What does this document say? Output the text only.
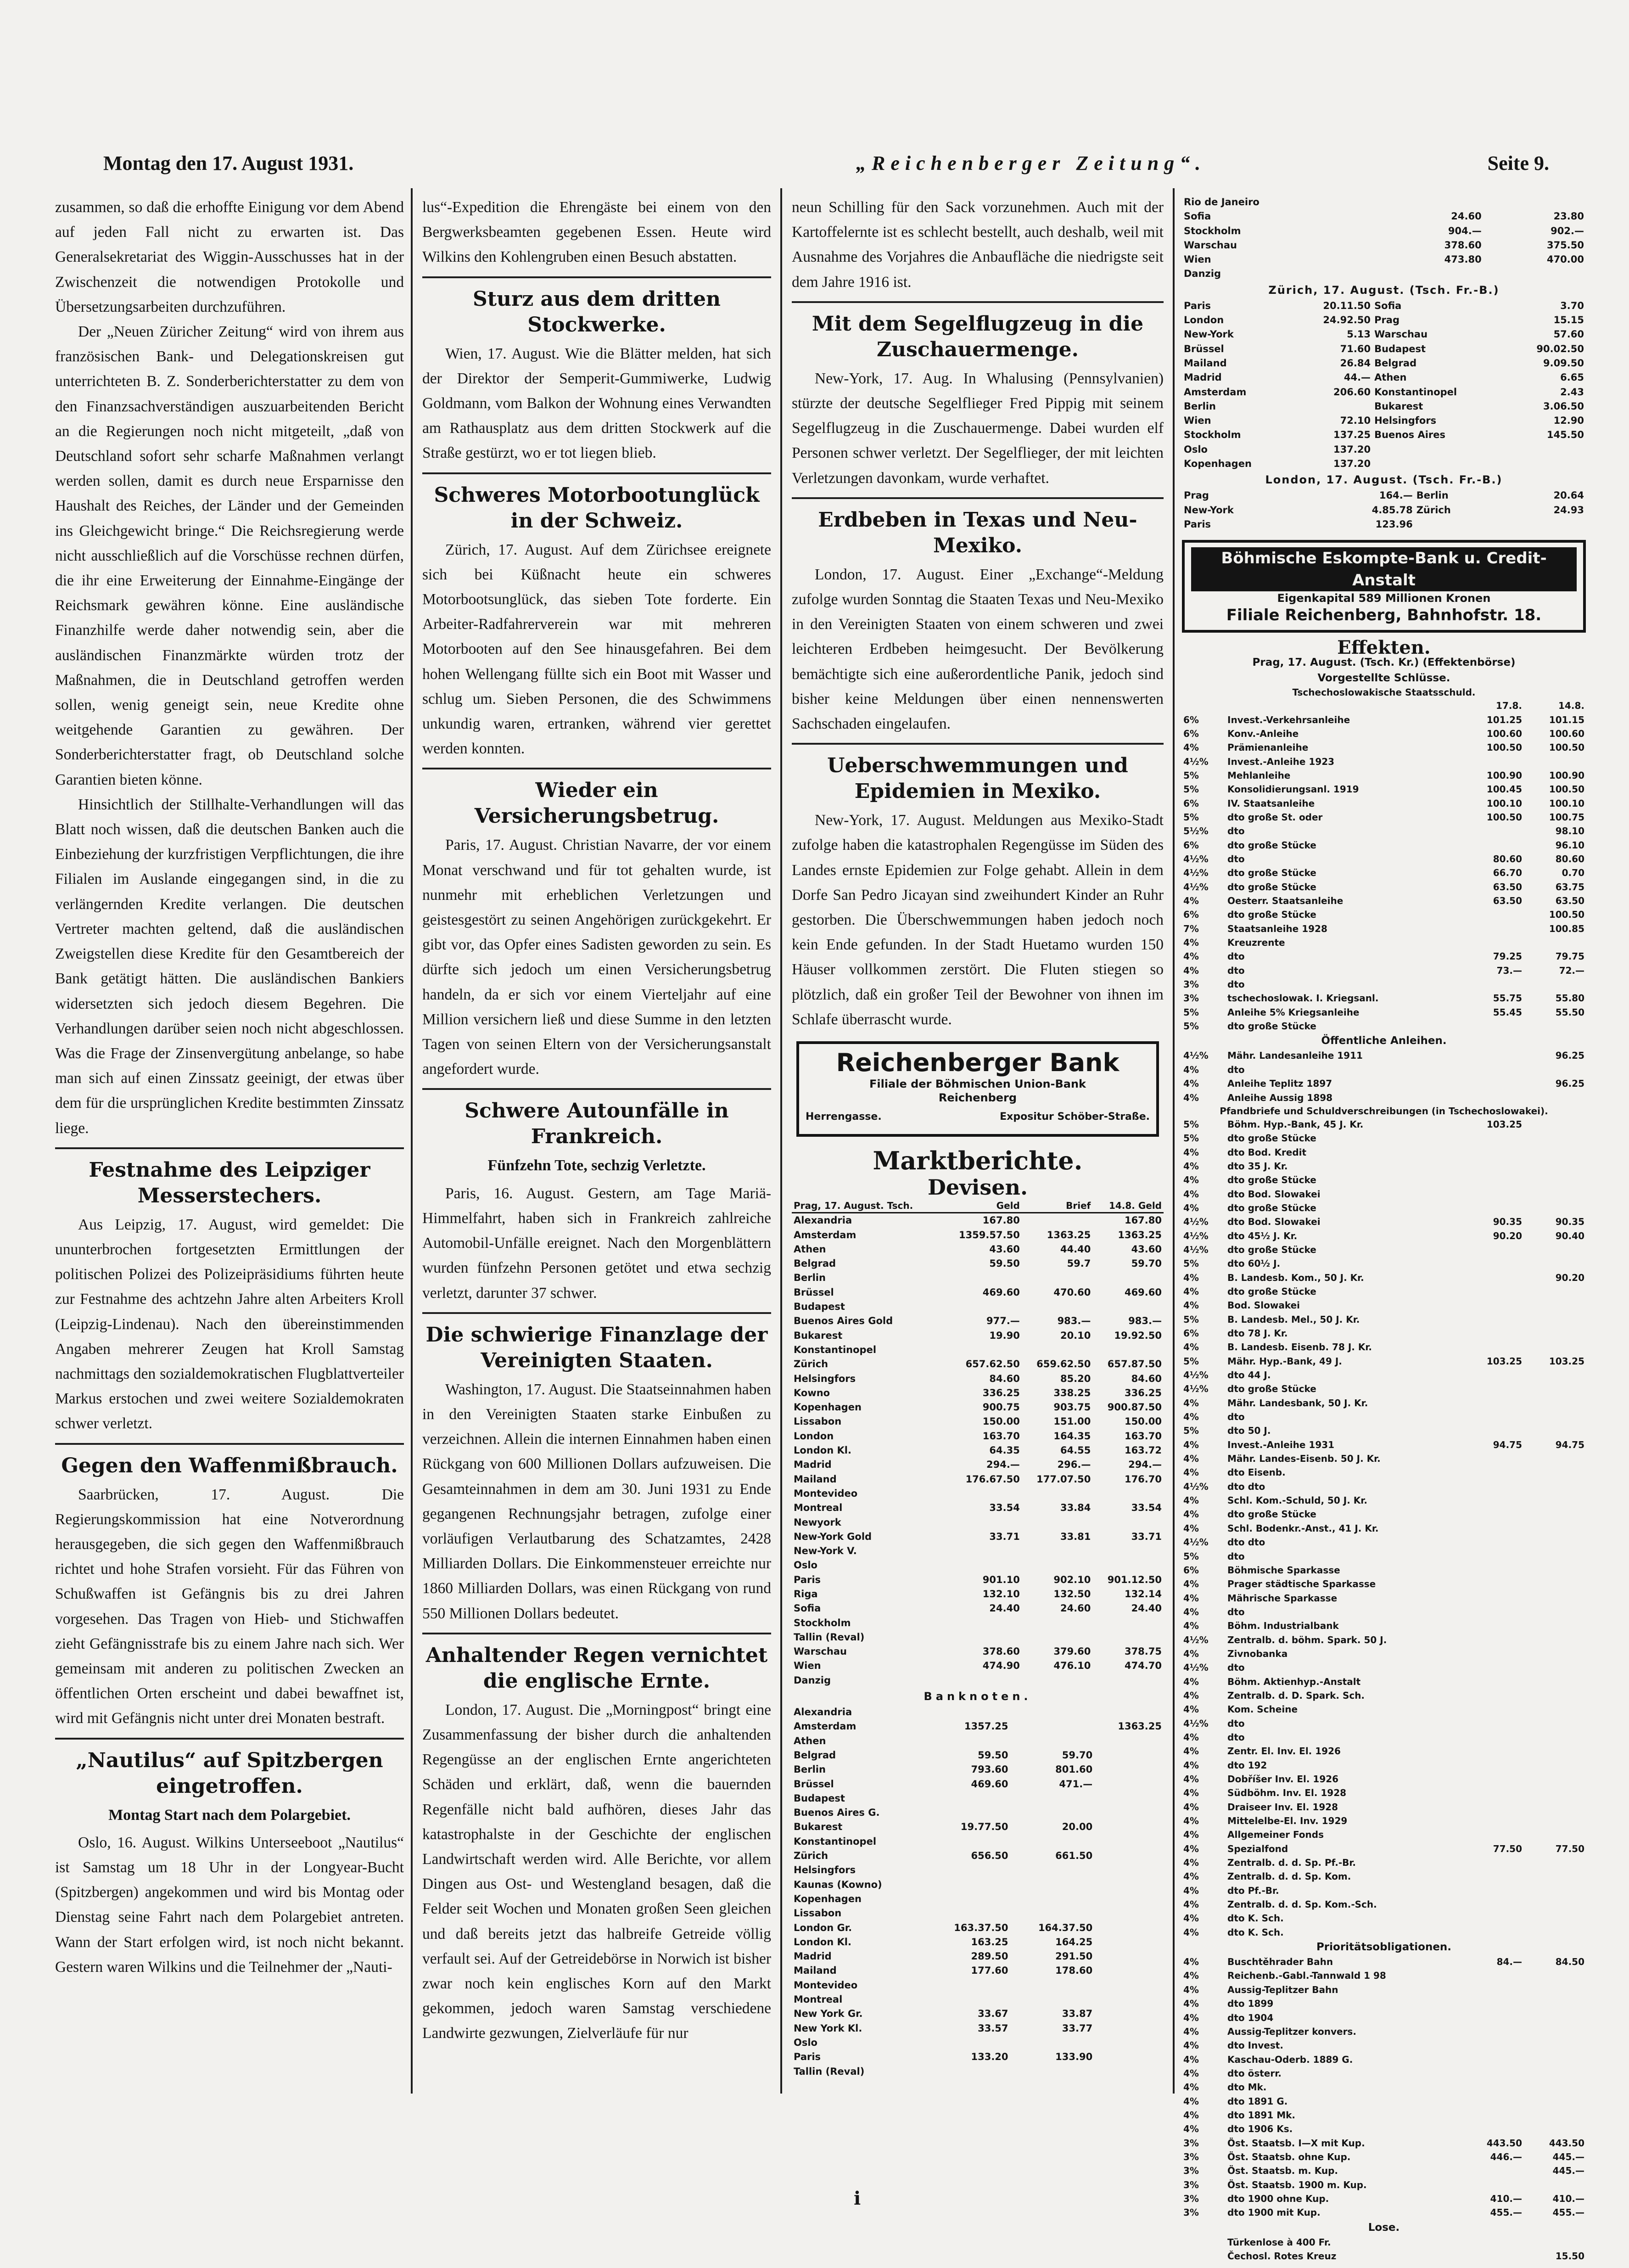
Montag den 17. August 1931.	„Reichenberger Zeitung“.	Seite 9.

zusammen, so daß die erhoffte Einigung vor dem Abend auf jeden Fall nicht zu erwarten ist. Das Generalsekretariat des Wiggin-Ausschusses hat in der Zwischenzeit die notwendigen Protokolle und Übersetzungsarbeiten durchzuführen.

Der „Neuen Züricher Zeitung“ wird von ihrem aus französischen Bank- und Delegationskreisen gut unterrichteten B. Z. Sonderberichterstatter zu dem von den Finanzsachverständigen auszuarbeitenden Bericht an die Regierungen noch nicht mitgeteilt, „daß von Deutschland sofort sehr scharfe Maßnahmen verlangt werden sollen, damit es durch neue Ersparnisse den Haushalt des Reiches, der Länder und der Gemeinden ins Gleichgewicht bringe.“ Die Reichsregierung werde nicht ausschließlich auf die Vorschüsse rechnen dürfen, die ihr eine Erweiterung der Einnahme-Eingänge der Reichsmark gewähren könne. Eine ausländische Finanzhilfe werde daher notwendig sein, aber die ausländischen Finanzmärkte würden trotz der Maßnahmen, die in Deutschland getroffen werden sollen, wenig geneigt sein, neue Kredite ohne weitgehende Garantien zu gewähren. Der Sonderberichterstatter fragt, ob Deutschland solche Garantien bieten könne.

Hinsichtlich der Stillhalte-Verhandlungen will das Blatt noch wissen, daß die deutschen Banken auch die Einbeziehung der kurzfristigen Verpflichtungen, die ihre Filialen im Auslande eingegangen sind, in die zu verlängernden Kredite verlangen. Die deutschen Vertreter machten geltend, daß die ausländischen Zweigstellen diese Kredite für den Gesamtbereich der Bank getätigt hätten. Die ausländischen Bankiers widersetzten sich jedoch diesem Begehren. Die Verhandlungen darüber seien noch nicht abgeschlossen. Was die Frage der Zinsenvergütung anbelange, so habe man sich auf einen Zinssatz geeinigt, der etwas über dem für die ursprünglichen Kredite bestimmten Zinssatz liege.

Festnahme des Leipziger Messerstechers.

Aus Leipzig, 17. August, wird gemeldet: Die ununterbrochen fortgesetzten Ermittlungen der politischen Polizei des Polizeipräsidiums führten heute zur Festnahme des achtzehn Jahre alten Arbeiters Kroll (Leipzig-Lindenau). Nach den übereinstimmenden Angaben mehrerer Zeugen hat Kroll Samstag nachmittags den sozialdemokratischen Flugblattverteiler Markus erstochen und zwei weitere Sozialdemokraten schwer verletzt.

Gegen den Waffenmißbrauch.

Saarbrücken, 17. August. Die Regierungskommission hat eine Notverordnung herausgegeben, die sich gegen den Waffenmißbrauch richtet und hohe Strafen vorsieht. Für das Führen von Schußwaffen ist Gefängnis bis zu drei Jahren vorgesehen. Das Tragen von Hieb- und Stichwaffen zieht Gefängnisstrafe bis zu einem Jahre nach sich. Wer gemeinsam mit anderen zu politischen Zwecken an öffentlichen Orten erscheint und dabei bewaffnet ist, wird mit Gefängnis nicht unter drei Monaten bestraft.

„Nautilus“ auf Spitzbergen eingetroffen.
Montag Start nach dem Polargebiet.

Oslo, 16. August. Wilkins Unterseeboot „Nautilus“ ist Samstag um 18 Uhr in der Longyear-Bucht (Spitzbergen) angekommen und wird bis Montag oder Dienstag seine Fahrt nach dem Polargebiet antreten. Wann der Start erfolgen wird, ist noch nicht bekannt. Gestern waren Wilkins und die Teilnehmer der „Nauti-

lus“-Expedition die Ehrengäste bei einem von den Bergwerksbeamten gegebenen Essen. Heute wird Wilkins den Kohlengruben einen Besuch abstatten.

Sturz aus dem dritten Stockwerke.

Wien, 17. August. Wie die Blätter melden, hat sich der Direktor der Semperit-Gummiwerke, Ludwig Goldmann, vom Balkon der Wohnung eines Verwandten am Rathausplatz aus dem dritten Stockwerk auf die Straße gestürzt, wo er tot liegen blieb.

Schweres Motorbootunglück in der Schweiz.

Zürich, 17. August. Auf dem Zürichsee ereignete sich bei Küßnacht heute ein schweres Motorbootsunglück, das sieben Tote forderte. Ein Arbeiter-Radfahrerverein war mit mehreren Motorbooten auf den See hinausgefahren. Bei dem hohen Wellengang füllte sich ein Boot mit Wasser und schlug um. Sieben Personen, die des Schwimmens unkundig waren, ertranken, während vier gerettet werden konnten.

Wieder ein Versicherungsbetrug.

Paris, 17. August. Christian Navarre, der vor einem Monat verschwand und für tot gehalten wurde, ist nunmehr mit erheblichen Verletzungen und geistesgestört zu seinen Angehörigen zurückgekehrt. Er gibt vor, das Opfer eines Sadisten geworden zu sein. Es dürfte sich jedoch um einen Versicherungsbetrug handeln, da er sich vor einem Vierteljahr auf eine Million versichern ließ und diese Summe in den letzten Tagen von seinen Eltern von der Versicherungsanstalt angefordert wurde.

Schwere Autounfälle in Frankreich.
Fünfzehn Tote, sechzig Verletzte.

Paris, 16. August. Gestern, am Tage Mariä-Himmelfahrt, haben sich in Frankreich zahlreiche Automobil-Unfälle ereignet. Nach den Morgenblättern wurden fünfzehn Personen getötet und etwa sechzig verletzt, darunter 37 schwer.

Die schwierige Finanzlage der Vereinigten Staaten.

Washington, 17. August. Die Staatseinnahmen haben in den Vereinigten Staaten starke Einbußen zu verzeichnen. Allein die internen Einnahmen haben einen Rückgang von 600 Millionen Dollars aufzuweisen. Die Gesamteinnahmen in dem am 30. Juni 1931 zu Ende gegangenen Rechnungsjahr betragen, zufolge einer vorläufigen Verlautbarung des Schatzamtes, 2428 Milliarden Dollars. Die Einkommensteuer erreichte nur 1860 Milliarden Dollars, was einen Rückgang von rund 550 Millionen Dollars bedeutet.

Anhaltender Regen vernichtet die englische Ernte.

London, 17. August. Die „Morningpost“ bringt eine Zusammenfassung der bisher durch die anhaltenden Regengüsse an der englischen Ernte angerichteten Schäden und erklärt, daß, wenn die bauernden Regenfälle nicht bald aufhören, dieses Jahr das katastrophalste in der Geschichte der englischen Landwirtschaft werden wird. Alle Berichte, vor allem Dingen aus Ost- und Westengland besagen, daß die Felder seit Wochen und Monaten großen Seen gleichen und daß bereits jetzt das halbreife Getreide völlig verfault sei. Auf der Getreidebörse in Norwich ist bisher zwar noch kein englisches Korn auf den Markt gekommen, jedoch waren Samstag verschiedene Landwirte gezwungen, Zielverläufe für nur

neun Schilling für den Sack vorzunehmen. Auch mit der Kartoffelernte ist es schlecht bestellt, auch deshalb, weil mit Ausnahme des Vorjahres die Anbaufläche die niedrigste seit dem Jahre 1916 ist.

Mit dem Segelflugzeug in die Zuschauermenge.

New-York, 17. Aug. In Whalusing (Pennsylvanien) stürzte der deutsche Segelflieger Fred Pippig mit seinem Segelflugzeug in die Zuschauermenge. Dabei wurden elf Personen schwer verletzt. Der Segelflieger, der mit leichten Verletzungen davonkam, wurde verhaftet.

Erdbeben in Texas und Neu-Mexiko.

London, 17. August. Einer „Exchange“-Meldung zufolge wurden Sonntag die Staaten Texas und Neu-Mexiko in den Vereinigten Staaten von einem schweren und zwei leichteren Erdbeben heimgesucht. Der Bevölkerung bemächtigte sich eine außerordentliche Panik, jedoch sind bisher keine Meldungen über einen nennenswerten Sachschaden eingelaufen.

Ueberschwemmungen und Epidemien in Mexiko.

New-York, 17. August. Meldungen aus Mexiko-Stadt zufolge haben die katastrophalen Regengüsse im Süden des Landes ernste Epidemien zur Folge gehabt. Allein in dem Dorfe San Pedro Jicayan sind zweihundert Kinder an Ruhr gestorben. Die Überschwemmungen haben jedoch noch kein Ende gefunden. In der Stadt Huetamo wurden 150 Häuser vollkommen zerstört. Die Fluten stiegen so plötzlich, daß ein großer Teil der Bewohner von ihnen im Schlafe überrascht wurde.

Reichenberger Bank
Filiale der Böhmischen Union-Bank
Reichenberg
Herrengasse.	Expositur Schöber-Straße.
Marktberichte.
Devisen.
Prag, 17. August. Tsch.	Geld	Brief	14.8. Geld
Alexandria	167.80		167.80
Amsterdam	1359.57.50	1363.25	1363.25
Athen	43.60	44.40	43.60
Belgrad	59.50	59.7	59.70
Berlin			
Brüssel	469.60	470.60	469.60
Budapest			
Buenos Aires Gold	977.—	983.—	983.—
Bukarest	19.90	20.10	19.92.50
Konstantinopel			
Zürich	657.62.50	659.62.50	657.87.50
Helsingfors	84.60	85.20	84.60
Kowno	336.25	338.25	336.25
Kopenhagen	900.75	903.75	900.87.50
Lissabon	150.00	151.00	150.00
London	163.70	164.35	163.70
London Kl.	64.35	64.55	163.72
Madrid	294.—	296.—	294.—
Mailand	176.67.50	177.07.50	176.70
Montevideo			
Montreal	33.54	33.84	33.54
Newyork			
New-York Gold	33.71	33.81	33.71
New-York V.			
Oslo			
Paris	901.10	902.10	901.12.50
Riga	132.10	132.50	132.14
Sofia	24.40	24.60	24.40
Stockholm			
Tallin (Reval)			
Warschau	378.60	379.60	378.75
Wien	474.90	476.10	474.70
Danzig			
Banknoten.
Alexandria			
Amsterdam	1357.25		1363.25
Athen			
Belgrad	59.50	59.70	
Berlin	793.60	801.60	
Brüssel	469.60	471.—	
Budapest			
Buenos Aires G.			
Bukarest	19.77.50	20.00	
Konstantinopel			
Zürich	656.50	661.50	
Helsingfors			
Kaunas (Kowno)			
Kopenhagen			
Lissabon			
London Gr.	163.37.50	164.37.50	
London Kl.	163.25	164.25	
Madrid	289.50	291.50	
Mailand	177.60	178.60	
Montevideo			
Montreal			
New York Gr.	33.67	33.87	
New York Kl.	33.57	33.77	
Oslo			
Paris	133.20	133.90	
Tallin (Reval)			
Rio de Janeiro		
Sofia	24.60	23.80
Stockholm	904.—	902.—
Warschau	378.60	375.50
Wien	473.80	470.00
Danzig		
Zürich, 17. August. (Tsch. Fr.-B.)
Paris	20.11.50	Sofia	3.70
London	24.92.50	Prag	15.15
New-York	5.13	Warschau	57.60
Brüssel	71.60	Budapest	90.02.50
Mailand	26.84	Belgrad	9.09.50
Madrid	44.—	Athen	6.65
Amsterdam	206.60	Konstantinopel	2.43
Berlin		Bukarest	3.06.50
Wien	72.10	Helsingfors	12.90
Stockholm	137.25	Buenos Aires	145.50
Oslo	137.20		
Kopenhagen	137.20		
London, 17. August. (Tsch. Fr.-B.)
Prag	164.—	Berlin	20.64
New-York	4.85.78	Zürich	24.93
Paris	123.96		
Böhmische Eskompte-Bank u. Credit-Anstalt
Eigenkapital 589 Millionen Kronen
Filiale Reichenberg, Bahnhofstr. 18.
Effekten.
Prag, 17. August. (Tsch. Kr.) (Effektenbörse)
Vorgestellte Schlüsse.
Tschechoslowakische Staatsschuld.
		17.8.	14.8.
6%	Invest.-Verkehrsanleihe	101.25	101.15
6%	Konv.-Anleihe	100.60	100.60
4%	Prämienanleihe	100.50	100.50
4½%	Invest.-Anleihe 1923		
5%	Mehlanleihe	100.90	100.90
5%	Konsolidierungsanl. 1919	100.45	100.50
6%	IV. Staatsanleihe	100.10	100.10
5%	dto große St. oder	100.50	100.75
5½%	dto		98.10
6%	dto große Stücke		96.10
4½%	dto	80.60	80.60
4½%	dto große Stücke	66.70	0.70
4½%	dto große Stücke	63.50	63.75
4%	Oesterr. Staatsanleihe	63.50	63.50
6%	dto große Stücke		100.50
7%	Staatsanleihe 1928		100.85
4%	Kreuzrente		
4%	dto	79.25	79.75
4%	dto	73.—	72.—
3%	dto		
3%	tschechoslowak. I. Kriegsanl.	55.75	55.80
5%	Anleihe 5% Kriegsanleihe	55.45	55.50
5%	dto große Stücke		
Öffentliche Anleihen.
4½%	Mähr. Landesanleihe 1911		96.25
4%	dto		
4%	Anleihe Teplitz 1897		96.25
4%	Anleihe Aussig 1898		
Pfandbriefe und Schuldverschreibungen (in Tschechoslowakei).
5%	Böhm. Hyp.-Bank, 45 J. Kr.	103.25	
5%	dto große Stücke		
4%	dto Bod. Kredit		
4%	dto 35 J. Kr.		
4%	dto große Stücke		
4%	dto Bod. Slowakei		
4%	dto große Stücke		
4½%	dto Bod. Slowakei	90.35	90.35
4½%	dto 45½ J. Kr.	90.20	90.40
4½%	dto große Stücke		
5%	dto 60½ J.		
4%	B. Landesb. Kom., 50 J. Kr.		90.20
4%	dto große Stücke		
4%	Bod. Slowakei		
5%	B. Landesb. Mel., 50 J. Kr.		
6%	dto 78 J. Kr.		
4%	B. Landesb. Eisenb. 78 J. Kr.		
5%	Mähr. Hyp.-Bank, 49 J.	103.25	103.25
4½%	dto 44 J.		
4½%	dto große Stücke		
4%	Mähr. Landesbank, 50 J. Kr.		
4%	dto		
5%	dto 50 J.		
4%	Invest.-Anleihe 1931	94.75	94.75
4%	Mähr. Landes-Eisenb. 50 J. Kr.		
4%	dto Eisenb.		
4½%	dto dto		
4%	Schl. Kom.-Schuld, 50 J. Kr.		
4%	dto große Stücke		
4%	Schl. Bodenkr.-Anst., 41 J. Kr.		
4½%	dto dto		
5%	dto		
6%	Böhmische Sparkasse		
4%	Prager städtische Sparkasse		
4%	Mährische Sparkasse		
4%	dto		
4%	Böhm. Industrialbank		
4½%	Zentralb. d. böhm. Spark. 50 J.		
4%	Zivnobanka		
4½%	dto		
4%	Böhm. Aktienhyp.-Anstalt		
4%	Zentralb. d. D. Spark. Sch.		
4%	Kom. Scheine		
4½%	dto		
4%	dto		
4%	Zentr. El. Inv. El. 1926		
4%	dto 192		
4%	Dobříšer Inv. El. 1926		
4%	Südböhm. Inv. El. 1928		
4%	Draiseer Inv. El. 1928		
4%	Mittelelbe-El. Inv. 1929		
4%	Allgemeiner Fonds		
4%	Spezialfond	77.50	77.50
4%	Zentralb. d. d. Sp. Pf.-Br.		
4%	Zentralb. d. d. Sp. Kom.		
4%	dto Pf.-Br.		
4%	Zentralb. d. d. Sp. Kom.-Sch.		
4%	dto K. Sch.		
4%	dto K. Sch.		
Prioritätsobligationen.
4%	Buschtěhrader Bahn	84.—	84.50
4%	Reichenb.-Gabl.-Tannwald 1 98		
4%	Aussig-Teplitzer Bahn		
4%	dto 1899		
4%	dto 1904		
4%	Aussig-Teplitzer konvers.		
4%	dto Invest.		
4%	Kaschau-Oderb. 1889 G.		
4%	dto österr.		
4%	dto Mk.		
4%	dto 1891 G.		
4%	dto 1891 Mk.		
4%	dto 1906 Ks.		
3%	Öst. Staatsb. I—X mit Kup.	443.50	443.50
3%	Öst. Staatsb. ohne Kup.	446.—	445.—
3%	Öst. Staatsb. m. Kup.		445.—
3%	Öst. Staatsb. 1900 m. Kup.		
3%	dto 1900 ohne Kup.	410.—	410.—
3%	dto 1900 mit Kup.	455.—	455.—
Lose.
	Türkenlose à 400 Fr.		
	Čechosl. Rotes Kreuz		15.50
i
